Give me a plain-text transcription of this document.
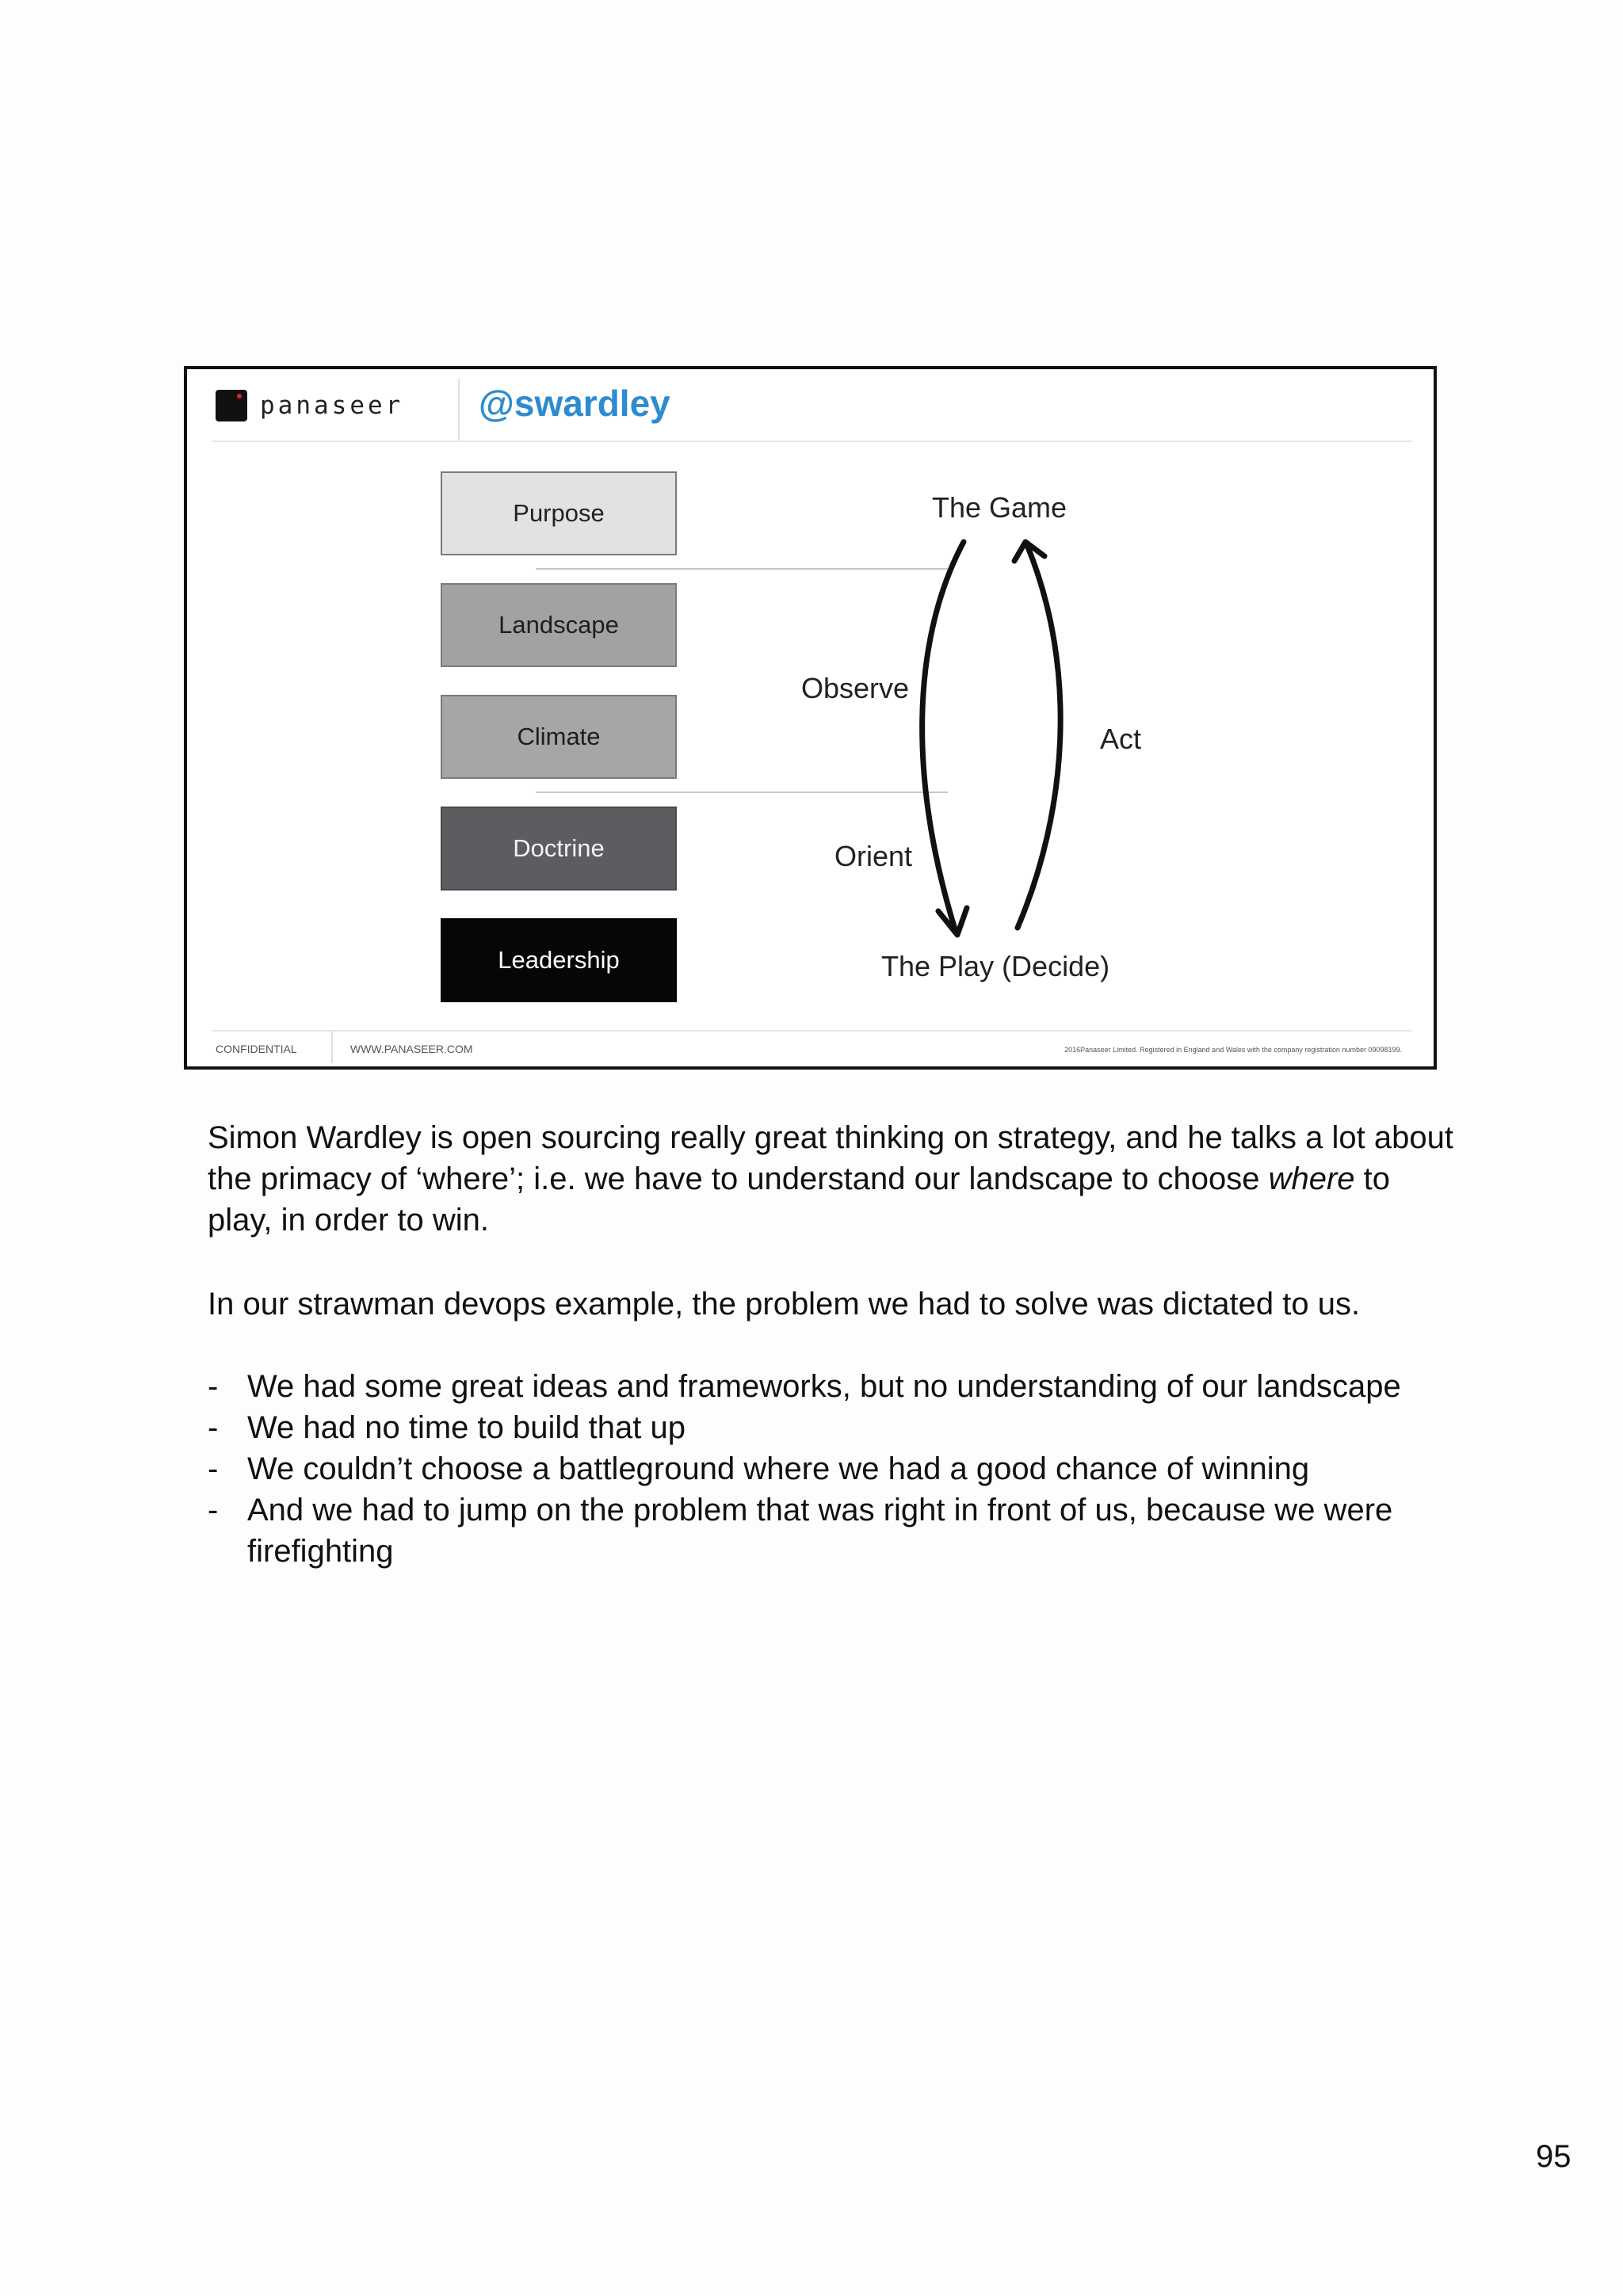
panaseer @swardley
Purpose
Landscape
Climate
Doctrine
Leadership
The Game
Observe
Act
Orient
The Play (Decide)
CONFIDENTIAL	WWW.PANASEER.COM	2016Panaseer Limited. Registered in England and Wales with the company registration number 09098199.

Simon Wardley is open sourcing really great thinking on strategy, and he talks a lot about the primacy of ‘where’; i.e. we have to understand our landscape to choose where to play, in order to win.

In our strawman devops example, the problem we had to solve was dictated to us.

- We had some great ideas and frameworks, but no understanding of our landscape
- We had no time to build that up
- We couldn’t choose a battleground where we had a good chance of winning
- And we had to jump on the problem that was right in front of us, because we were firefighting
95
